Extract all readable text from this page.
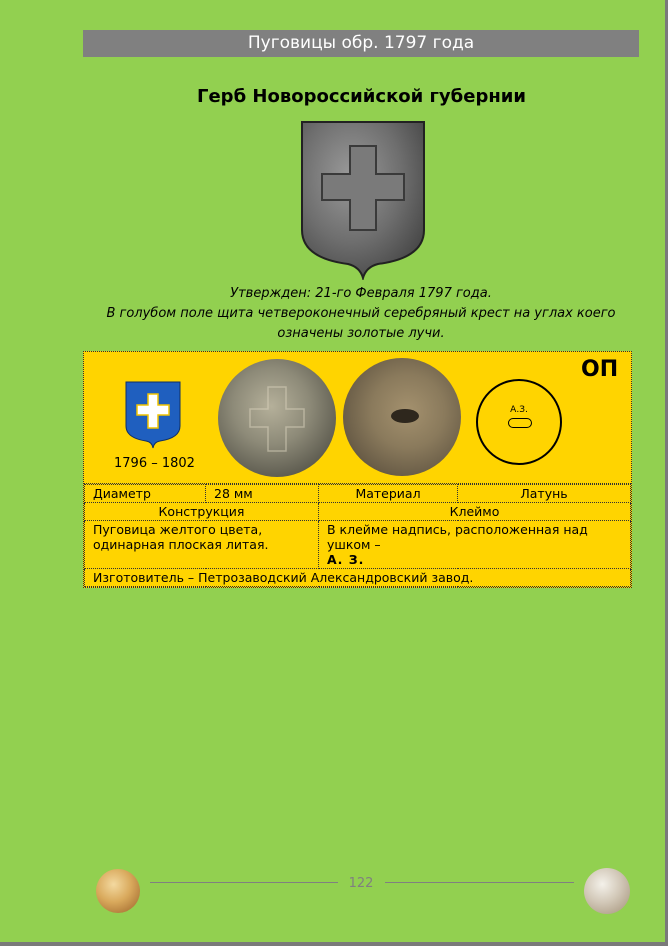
Пуговицы обр. 1797 года
Герб Новороссийской губернии
Утвержден: 21-го Февраля 1797 года.
В голубом поле щита четвероконечный серебряный крест на углах коего
означены золотые лучи.
1796 – 1802
А.З.
ОП
Диаметр	28 мм	Материал	Латунь
Конструкция		Клеймо	
Пуговица желтого цвета, одинарная плоская литая.		В клейме надпись, расположенная над ушком –
А. З.	
Изготовитель – Петрозаводский Александровский завод.			
122
